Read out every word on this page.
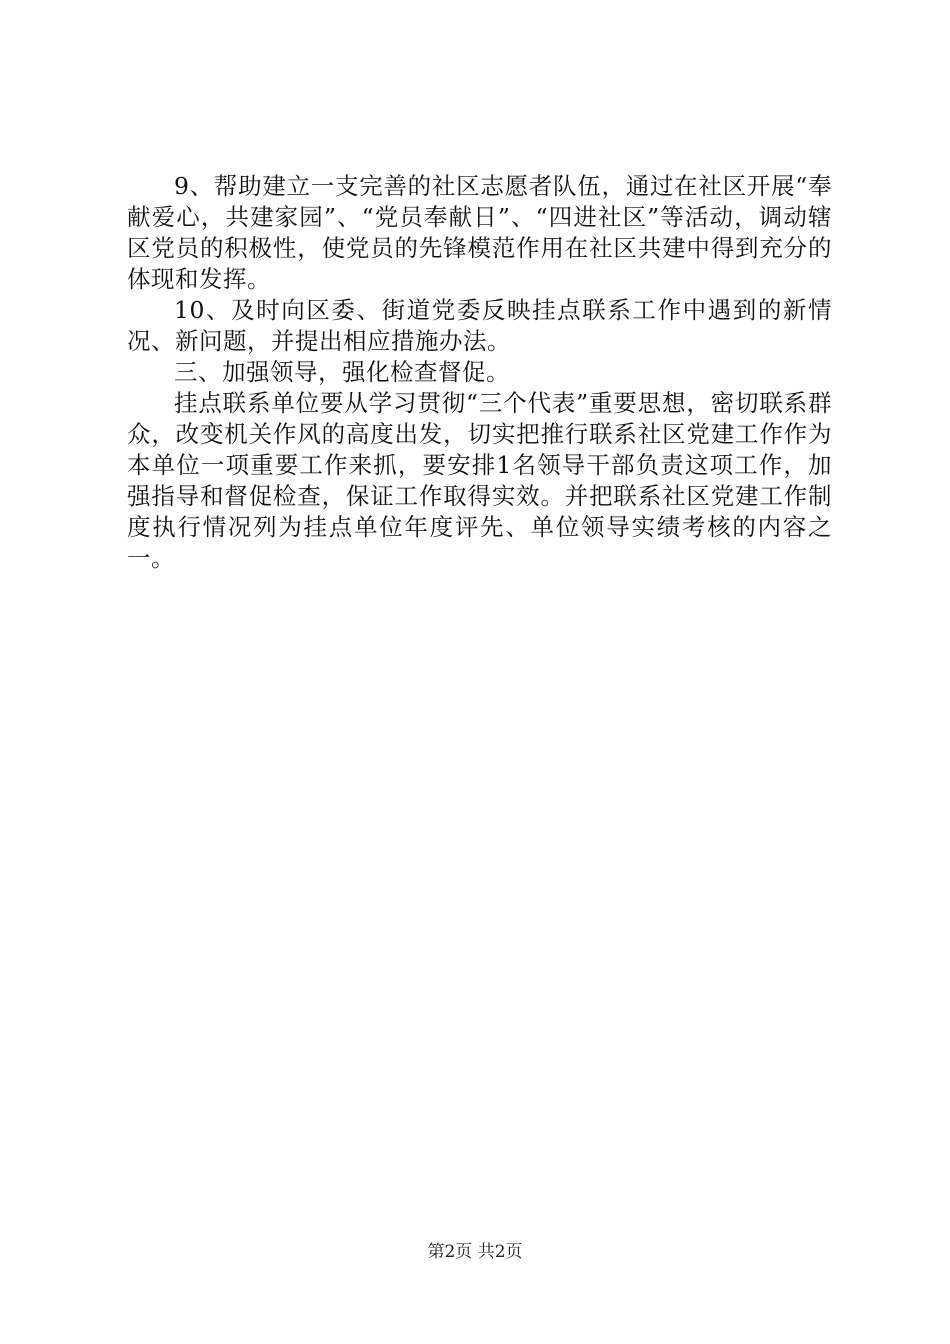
9、帮助建立一支完善的社区志愿者队伍，通过在社区开展“奉献爱心，共建家园”、“党员奉献日”、“四进社区”等活动，调动辖区党员的积极性，使党员的先锋模范作用在社区共建中得到充分的体现和发挥。

10、及时向区委、街道党委反映挂点联系工作中遇到的新情况、新问题，并提出相应措施办法。

三、加强领导，强化检查督促。

挂点联系单位要从学习贯彻“三个代表”重要思想，密切联系群众，改变机关作风的高度出发，切实把推行联系社区党建工作作为本单位一项重要工作来抓，要安排1名领导干部负责这项工作，加强指导和督促检查，保证工作取得实效。并把联系社区党建工作制度执行情况列为挂点单位年度评先、单位领导实绩考核的内容之一。

第2页 共2页
